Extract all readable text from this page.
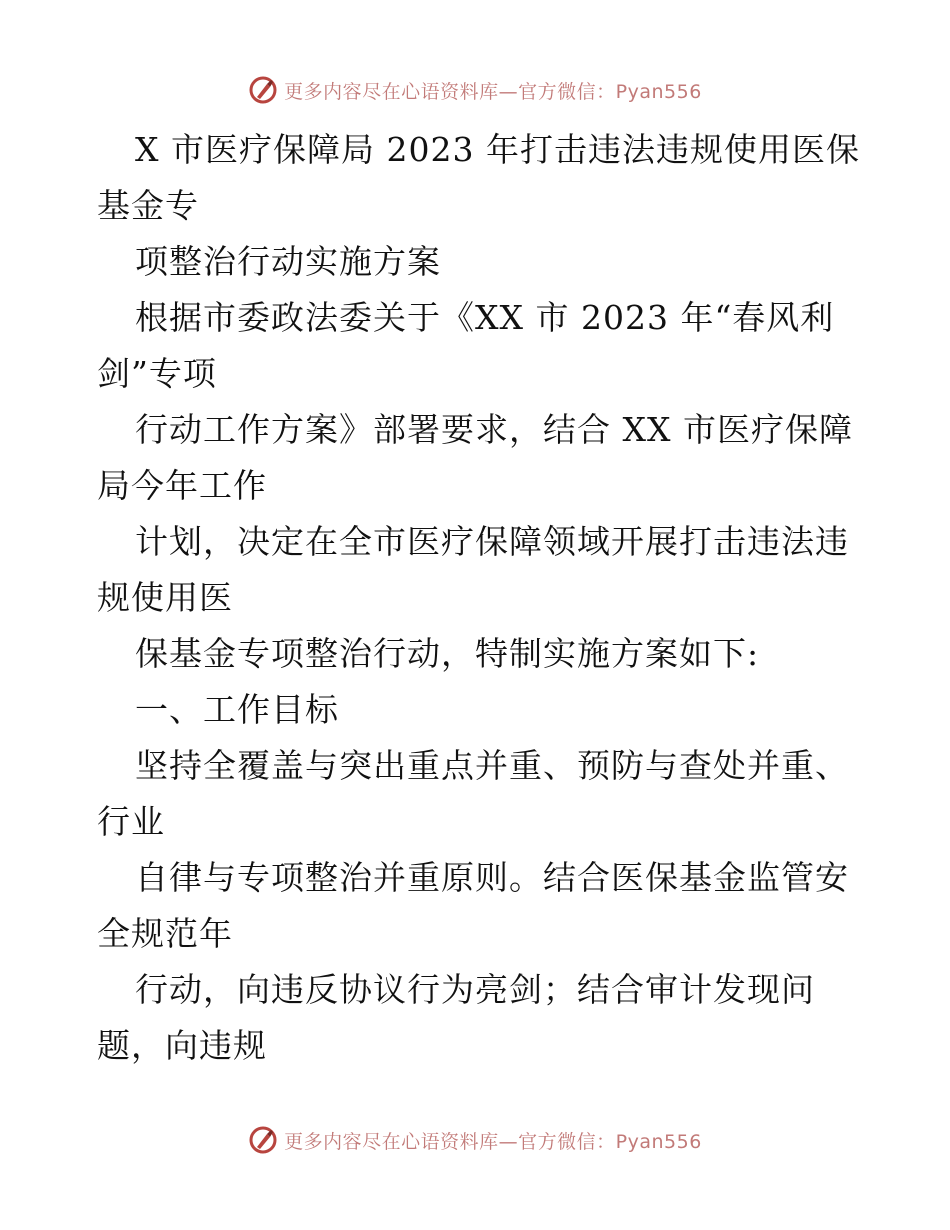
更多内容尽在心语资料库—官方微信：Pyan556
X 市医疗保障局 2023 年打击违法违规使用医保
基金专
项整治行动实施方案
根据市委政法委关于《XX 市 2023 年“春风利
剑”专项
行动工作方案》部署要求，结合 XX 市医疗保障
局今年工作
计划，决定在全市医疗保障领域开展打击违法违
规使用医
保基金专项整治行动，特制实施方案如下:
一、工作目标
坚持全覆盖与突出重点并重、预防与查处并重、
行业
自律与专项整治并重原则。结合医保基金监管安
全规范年
行动，向违反协议行为亮剑；结合审计发现问
题，向违规
更多内容尽在心语资料库—官方微信：Pyan556
